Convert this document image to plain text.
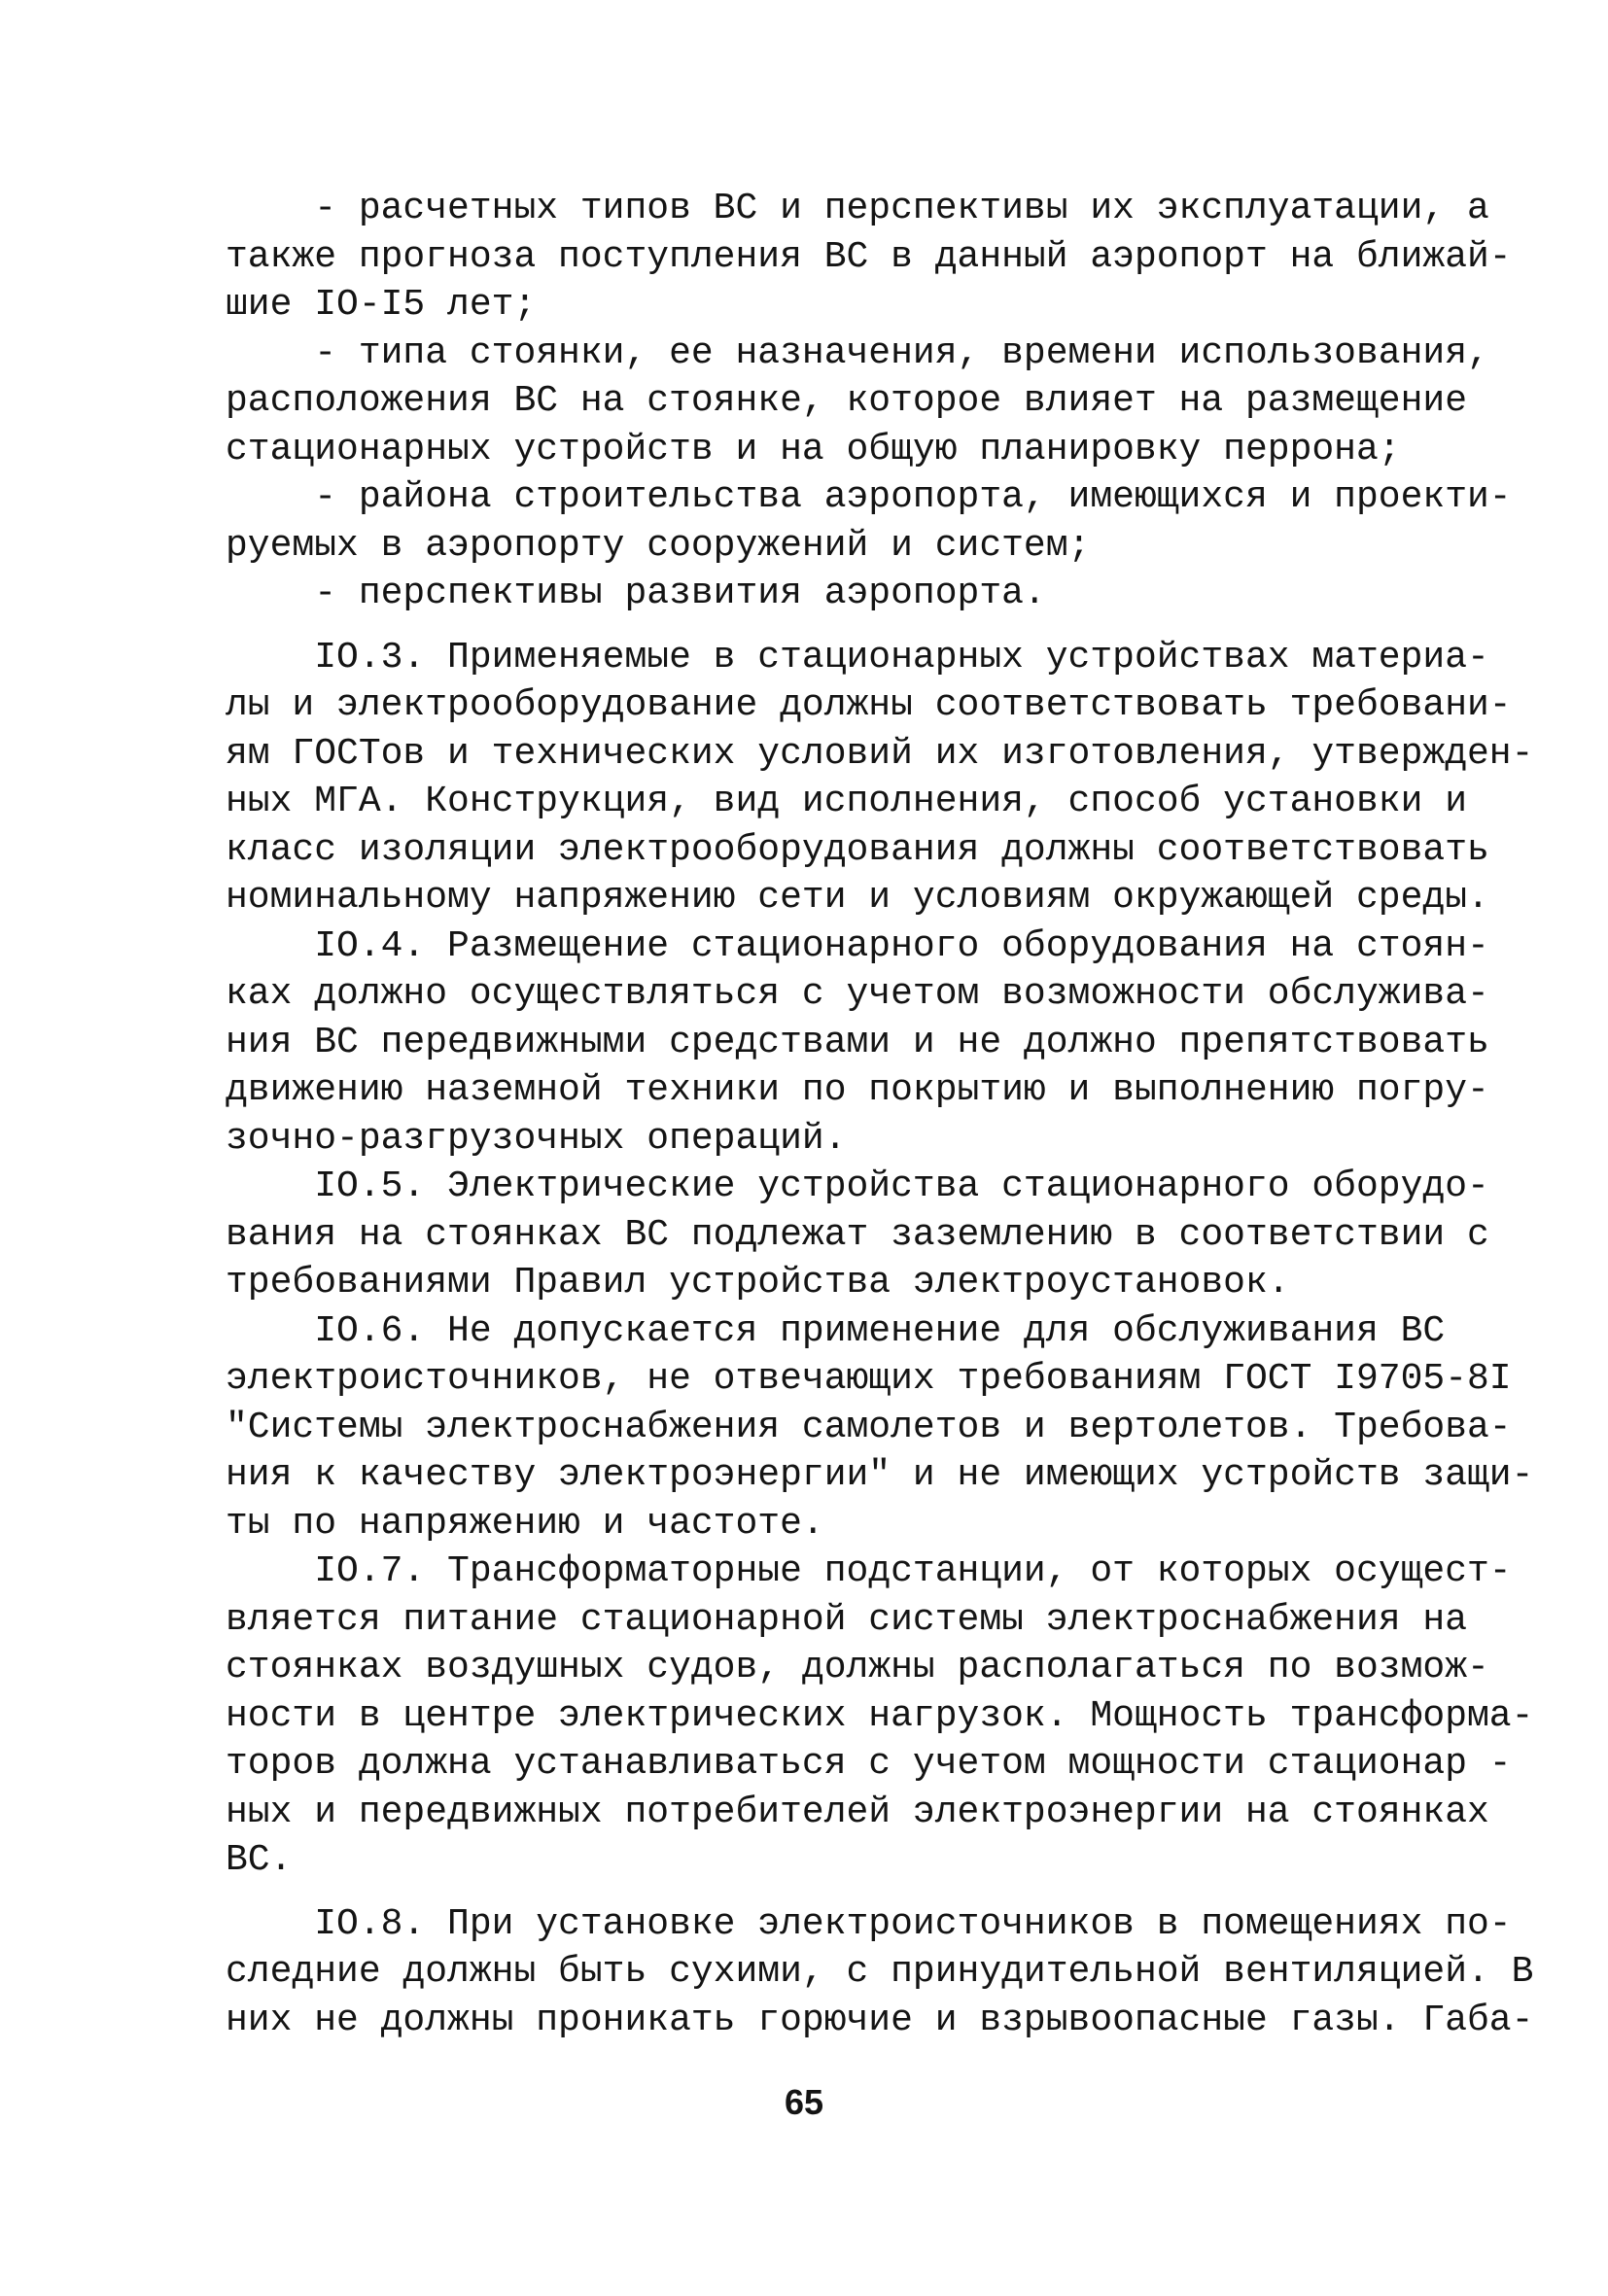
- расчетных типов ВС и перспективы их эксплуатации, а
также прогноза поступления ВС в данный аэропорт на ближай-
шие IO-I5 лет;
- типа стоянки, ее назначения, времени использования,
расположения ВС на стоянке, которое влияет на размещение
стационарных устройств и на общую планировку перрона;
- района строительства аэропорта, имеющихся и проекти-
руемых в аэропорту сооружений и систем;
- перспективы развития аэропорта.
IO.3. Применяемые в стационарных устройствах материа-
лы и электрооборудование должны соответствовать требовани-
ям ГОСТов и технических условий их изготовления, утвержден-
ных МГА. Конструкция, вид исполнения, способ установки и
класс изоляции электрооборудования должны соответствовать
номинальному напряжению сети и условиям окружающей среды.
IO.4. Размещение стационарного оборудования на стоян-
ках должно осуществляться с учетом возможности обслужива-
ния ВС передвижными средствами и не должно препятствовать
движению наземной техники по покрытию и выполнению погру-
зочно-разгрузочных операций.
IO.5. Электрические устройства стационарного оборудо-
вания на стоянках ВС подлежат заземлению в соответствии с
требованиями Правил устройства электроустановок.
IO.6. Не допускается применение для обслуживания ВС
электроисточников, не отвечающих требованиям ГОСТ I9705-8I
"Системы электроснабжения самолетов и вертолетов. Требова-
ния к качеству электроэнергии" и не имеющих устройств защи-
ты по напряжению и частоте.
IO.7. Трансформаторные подстанции, от которых осущест-
вляется питание стационарной системы электроснабжения на
стоянках воздушных судов, должны располагаться по возмож-
ности в центре электрических нагрузок. Мощность трансформа-
торов должна устанавливаться с учетом мощности стационар -
ных и передвижных потребителей электроэнергии на стоянках
ВС.
IO.8. При установке электроисточников в помещениях по-
следние должны быть сухими, с принудительной вентиляцией. В
них не должны проникать горючие и взрывоопасные газы. Габа-
65
